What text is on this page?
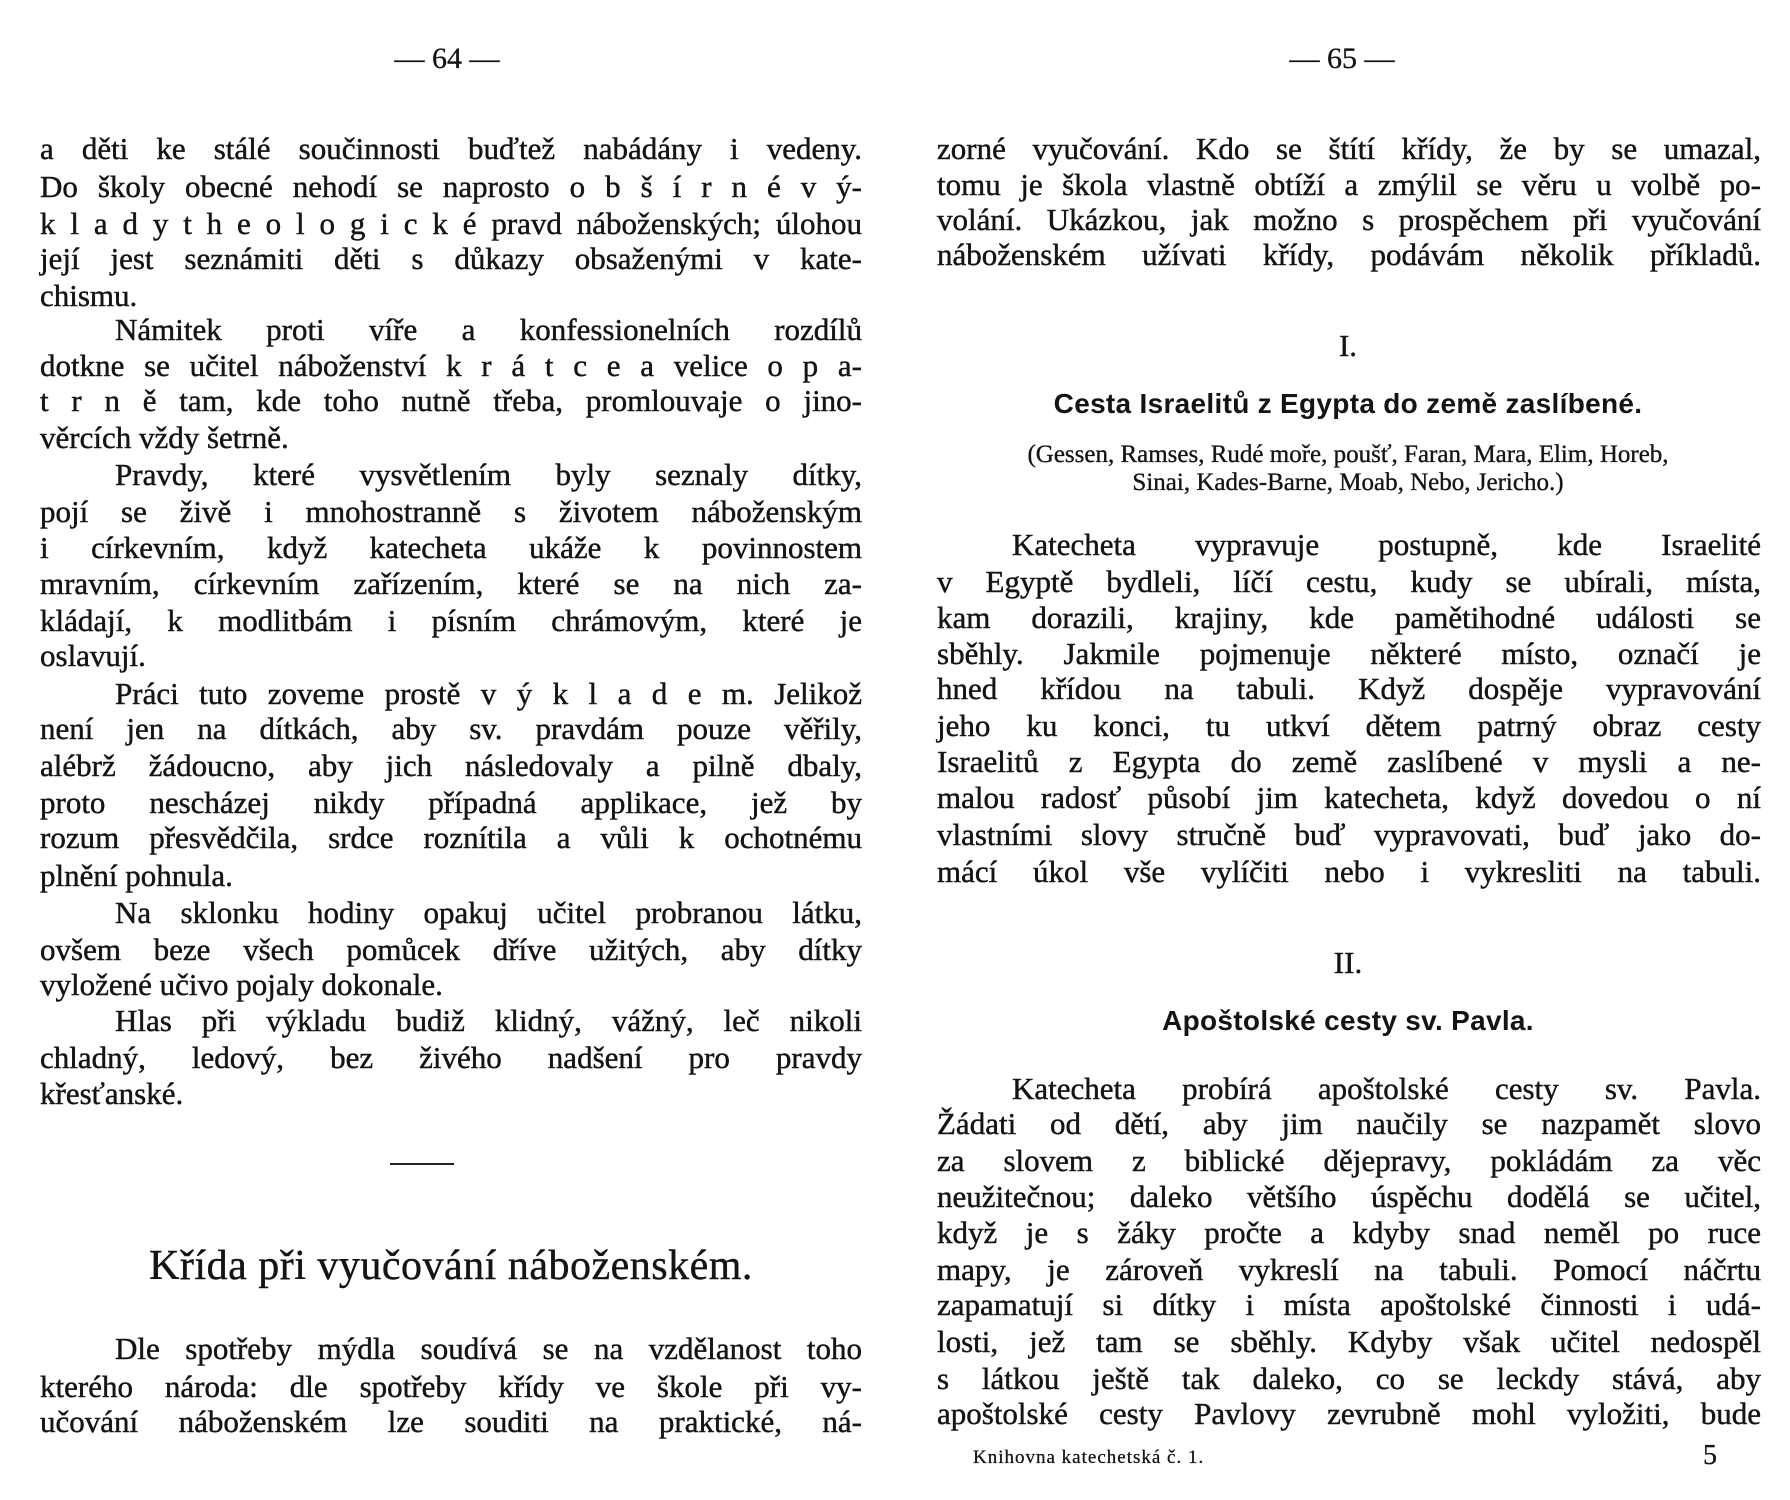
— 64 —
a děti ke stálé součinnosti buďtež nabádány i vedeny.
Do školy obecné nehodí se naprosto o b š í r n é v ý-
k l a d y t h e o l o g i c k é pravd náboženských; úlohou
její jest seznámiti děti s důkazy obsaženými v kate-
chismu.
Námitek proti víře a konfessionelních rozdílů
dotkne se učitel náboženství k r á t c e a velice o p a-
t r n ě tam, kde toho nutně třeba, promlouvaje o jino-
věrcích vždy šetrně.
Pravdy, které vysvětlením byly seznaly dítky,
pojí se živě i mnohostranně s životem náboženským
i církevním, když katecheta ukáže k povinnostem
mravním, církevním zařízením, které se na nich za-
kládají, k modlitbám i písním chrámovým, které je
oslavují.
Práci tuto zoveme prostě v ý k l a d e m. Jelikož
není jen na dítkách, aby sv. pravdám pouze věřily,
alébrž žádoucno, aby jich následovaly a pilně dbaly,
proto nescházej nikdy případná applikace, jež by
rozum přesvědčila, srdce roznítila a vůli k ochotnému
plnění pohnula.
Na sklonku hodiny opakuj učitel probranou látku,
ovšem beze všech pomůcek dříve užitých, aby dítky
vyložené učivo pojaly dokonale.
Hlas při výkladu budiž klidný, vážný, leč nikoli
chladný, ledový, bez živého nadšení pro pravdy
křesťanské.
Křída při vyučování náboženském.
Dle spotřeby mýdla soudívá se na vzdělanost toho
kterého národa: dle spotřeby křídy ve škole při vy-
učování náboženském lze souditi na praktické, ná-
— 65 —
zorné vyučování. Kdo se štítí křídy, že by se umazal,
tomu je škola vlastně obtíží a zmýlil se věru u volbě po-
volání. Ukázkou, jak možno s prospěchem při vyučování
náboženském užívati křídy, podávám několik příkladů.
I.
Cesta Israelitů z Egypta do země zaslíbené.
(Gessen, Ramses, Rudé moře, poušť, Faran, Mara, Elim, Horeb,
Sinai, Kades-Barne, Moab, Nebo, Jericho.)
Katecheta vypravuje postupně, kde Israelité
v Egyptě bydleli, líčí cestu, kudy se ubírali, místa,
kam dorazili, krajiny, kde pamětihodné události se
sběhly. Jakmile pojmenuje některé místo, označí je
hned křídou na tabuli. Když dospěje vypravování
jeho ku konci, tu utkví dětem patrný obraz cesty
Israelitů z Egypta do země zaslíbené v mysli a ne-
malou radosť působí jim katecheta, když dovedou o ní
vlastními slovy stručně buď vypravovati, buď jako do-
mácí úkol vše vylíčiti nebo i vykresliti na tabuli.
II.
Apoštolské cesty sv. Pavla.
Katecheta probírá apoštolské cesty sv. Pavla.
Žádati od dětí, aby jim naučily se nazpamět slovo
za slovem z biblické dějepravy, pokládám za věc
neužitečnou; daleko většího úspěchu dodělá se učitel,
když je s žáky pročte a kdyby snad neměl po ruce
mapy, je zároveň vykreslí na tabuli. Pomocí náčrtu
zapamatují si dítky i místa apoštolské činnosti i udá-
losti, jež tam se sběhly. Kdyby však učitel nedospěl
s látkou ještě tak daleko, co se leckdy stává, aby
apoštolské cesty Pavlovy zevrubně mohl vyložiti, bude
Knihovna katechetská č. 1.	5
